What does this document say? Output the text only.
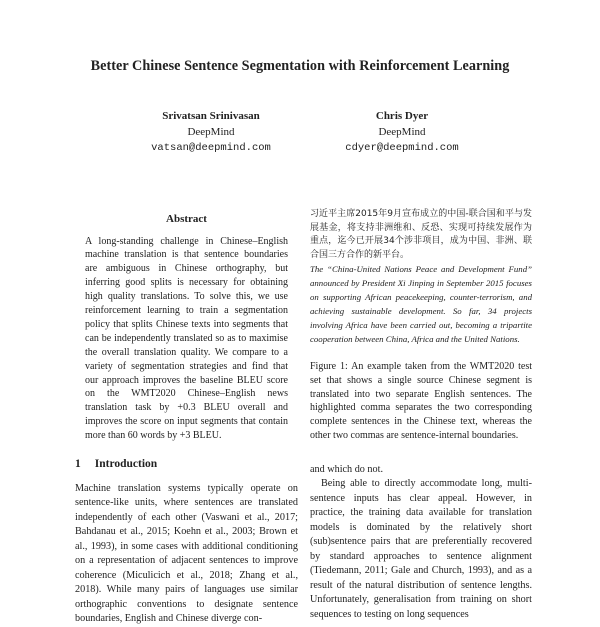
Better Chinese Sentence Segmentation with Reinforcement Learning
Srivatsan Srinivasan
DeepMind
vatsan@deepmind.com
Chris Dyer
DeepMind
cdyer@deepmind.com
Abstract

A long-standing challenge in Chinese–English machine translation is that sentence boundaries are ambiguous in Chinese orthography, but inferring good splits is necessary for obtaining high quality translations. To solve this, we use reinforcement learning to train a segmentation policy that splits Chinese texts into segments that can be independently translated so as to maximise the overall translation quality. We compare to a variety of segmentation strategies and find that our approach improves the baseline BLEU score on the WMT2020 Chinese–English news translation task by +0.3 BLEU overall and improves the score on input segments that contain more than 60 words by +3 BLEU.

1 Introduction

Machine translation systems typically operate on sentence-like units, where sentences are translated independently of each other (Vaswani et al., 2017; Bahdanau et al., 2015; Koehn et al., 2003; Brown et al., 1993), in some cases with additional conditioning on a representation of adjacent sentences to improve coherence (Miculicich et al., 2018; Zhang et al., 2018). While many pairs of languages use similar orthographic conventions to designate sentence boundaries, English and Chinese diverge con-

习近平主席2015年9月宣布成立的中国-联合国和平与发展基金，将支持非洲维和、反恐、实现可持续发展作为重点，迄今已开展34个涉非项目，成为中国、非洲、联合国三方合作的新平台。

The “China-United Nations Peace and Development Fund” announced by President Xi Jinping in September 2015 focuses on supporting African peacekeeping, counter-terrorism, and achieving sustainable development. So far, 34 projects involving Africa have been carried out, becoming a tripartite cooperation between China, Africa and the United Nations.

Figure 1: An example taken from the WMT2020 test set that shows a single source Chinese segment is translated into two separate English sentences. The highlighted comma separates the two corresponding complete sentences in the Chinese text, whereas the other two commas are sentence-internal boundaries.

and which do not.

Being able to directly accommodate long, multi-sentence inputs has clear appeal. However, in practice, the training data available for translation models is dominated by the relatively short (sub)sentence pairs that are preferentially recovered by standard approaches to sentence alignment (Tiedemann, 2011; Gale and Church, 1993), and as a result of the natural distribution of sentence lengths. Unfortunately, generalisation from training on short sequences to testing on long sequences
